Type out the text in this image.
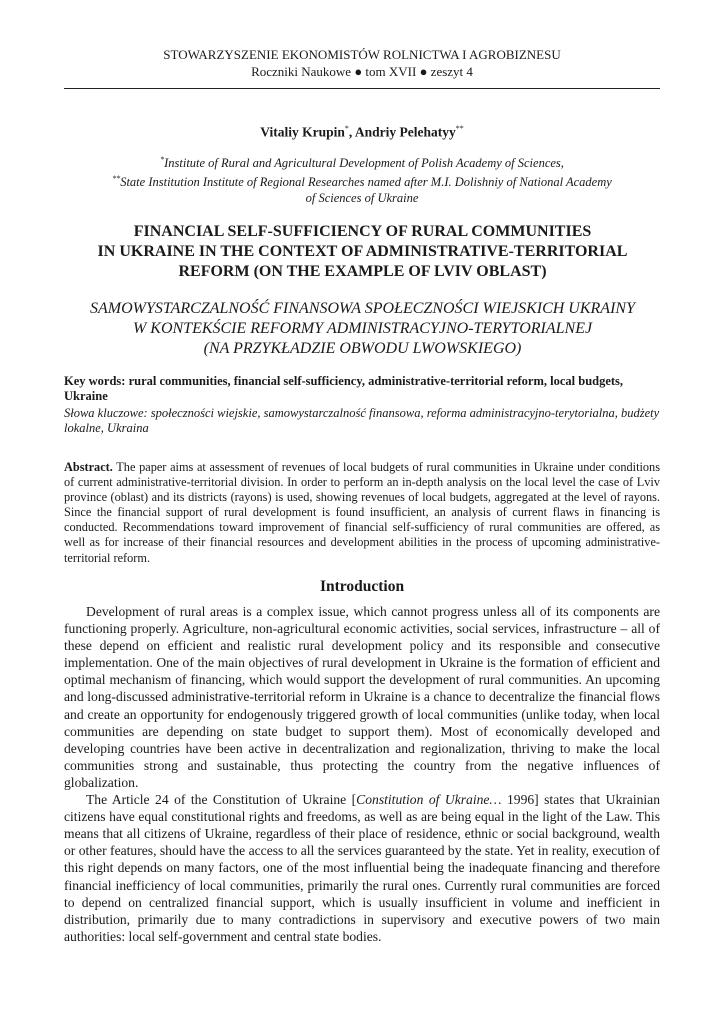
STOWARZYSZENIE EKONOMISTÓW ROLNICTWA I AGROBIZNESU
Roczniki Naukowe ● tom XVII ● zeszyt 4
Vitaliy Krupin*, Andriy Pelehatyy**
*Institute of Rural and Agricultural Development of Polish Academy of Sciences,
**State Institution Institute of Regional Researches named after M.I. Dolishniy of National Academy
of Sciences of Ukraine
FINANCIAL SELF-SUFFICIENCY OF RURAL COMMUNITIES
IN UKRAINE IN THE CONTEXT OF ADMINISTRATIVE-TERRITORIAL
REFORM (ON THE EXAMPLE OF LVIV OBLAST)
SAMOWYSTARCZALNOŚĆ FINANSOWA SPOŁECZNOŚCI WIEJSKICH UKRAINY
W KONTEKŚCIE REFORMY ADMINISTRACYJNO-TERYTORIALNEJ
(NA PRZYKŁADZIE OBWODU LWOWSKIEGO)
Key words: rural communities, financial self-sufficiency, administrative-territorial reform, local budgets, Ukraine
Słowa kluczowe: społeczności wiejskie, samowystarczalność finansowa, reforma administracyjno-terytorialna, budżety lokalne, Ukraina
Abstract. The paper aims at assessment of revenues of local budgets of rural communities in Ukraine under conditions of current administrative-territorial division. In order to perform an in-depth analysis on the local level the case of Lviv province (oblast) and its districts (rayons) is used, showing revenues of local budgets, aggregated at the level of rayons. Since the financial support of rural development is found insufficient, an analysis of current flaws in financing is conducted. Recommendations toward improvement of financial self-sufficiency of rural communities are offered, as well as for increase of their financial resources and development abilities in the process of upcoming administrative-territorial reform.
Introduction

Development of rural areas is a complex issue, which cannot progress unless all of its components are functioning properly. Agriculture, non-agricultural economic activities, social services, infrastructure – all of these depend on efficient and realistic rural development policy and its responsible and consecutive implementation. One of the main objectives of rural development in Ukraine is the formation of efficient and optimal mechanism of financing, which would support the development of rural communities. An upcoming and long-discussed administrative-territorial reform in Ukraine is a chance to decentralize the financial flows and create an opportunity for endogenously triggered growth of local communities (unlike today, when local communities are depending on state budget to support them). Most of economically developed and developing countries have been active in decentralization and regionalization, thriving to make the local communities strong and sustainable, thus protecting the country from the negative influences of globalization.

The Article 24 of the Constitution of Ukraine [Constitution of Ukraine… 1996] states that Ukrainian citizens have equal constitutional rights and freedoms, as well as are being equal in the light of the Law. This means that all citizens of Ukraine, regardless of their place of residence, ethnic or social background, wealth or other features, should have the access to all the services guaranteed by the state. Yet in reality, execution of this right depends on many factors, one of the most influential being the inadequate financing and therefore financial inefficiency of local communities, primarily the rural ones. Currently rural communities are forced to depend on centralized financial support, which is usually insufficient in volume and inefficient in distribution, primarily due to many contradictions in supervisory and executive powers of two main authorities: local self-government and central state bodies.
